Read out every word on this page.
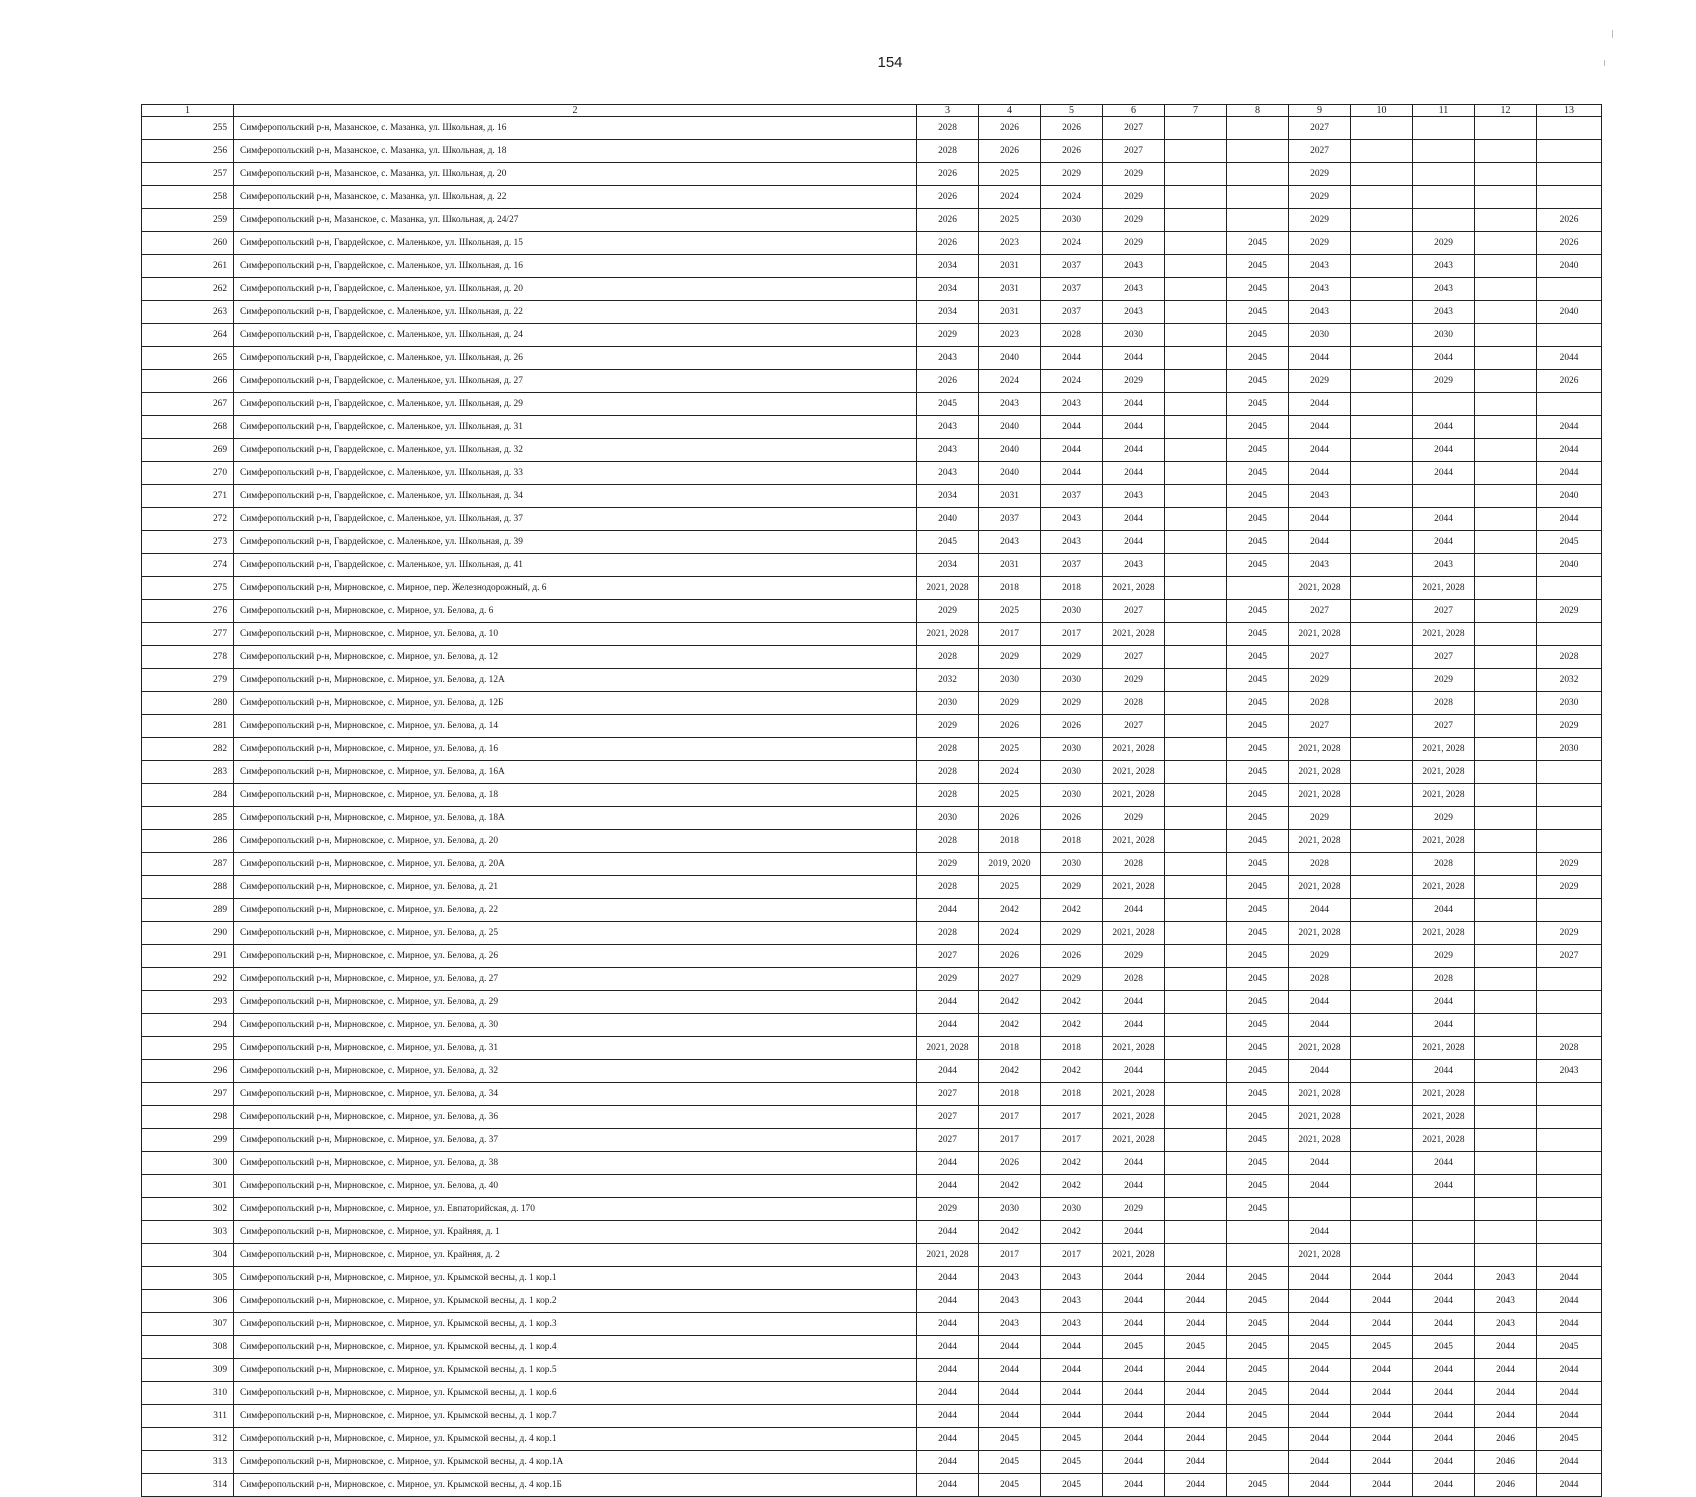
154
1	2	3	4	5	6	7	8	9	10	11	12	13
255	Симферопольский р-н, Мазанское, с. Мазанка, ул. Школьная, д. 16	2028	2026	2026	2027			2027				
256	Симферопольский р-н, Мазанское, с. Мазанка, ул. Школьная, д. 18	2028	2026	2026	2027			2027				
257	Симферопольский р-н, Мазанское, с. Мазанка, ул. Школьная, д. 20	2026	2025	2029	2029			2029				
258	Симферопольский р-н, Мазанское, с. Мазанка, ул. Школьная, д. 22	2026	2024	2024	2029			2029				
259	Симферопольский р-н, Мазанское, с. Мазанка, ул. Школьная, д. 24/27	2026	2025	2030	2029			2029				2026
260	Симферопольский р-н, Гвардейское, с. Маленькое, ул. Школьная, д. 15	2026	2023	2024	2029		2045	2029		2029		2026
261	Симферопольский р-н, Гвардейское, с. Маленькое, ул. Школьная, д. 16	2034	2031	2037	2043		2045	2043		2043		2040
262	Симферопольский р-н, Гвардейское, с. Маленькое, ул. Школьная, д. 20	2034	2031	2037	2043		2045	2043		2043		
263	Симферопольский р-н, Гвардейское, с. Маленькое, ул. Школьная, д. 22	2034	2031	2037	2043		2045	2043		2043		2040
264	Симферопольский р-н, Гвардейское, с. Маленькое, ул. Школьная, д. 24	2029	2023	2028	2030		2045	2030		2030		
265	Симферопольский р-н, Гвардейское, с. Маленькое, ул. Школьная, д. 26	2043	2040	2044	2044		2045	2044		2044		2044
266	Симферопольский р-н, Гвардейское, с. Маленькое, ул. Школьная, д. 27	2026	2024	2024	2029		2045	2029		2029		2026
267	Симферопольский р-н, Гвардейское, с. Маленькое, ул. Школьная, д. 29	2045	2043	2043	2044		2045	2044				
268	Симферопольский р-н, Гвардейское, с. Маленькое, ул. Школьная, д. 31	2043	2040	2044	2044		2045	2044		2044		2044
269	Симферопольский р-н, Гвардейское, с. Маленькое, ул. Школьная, д. 32	2043	2040	2044	2044		2045	2044		2044		2044
270	Симферопольский р-н, Гвардейское, с. Маленькое, ул. Школьная, д. 33	2043	2040	2044	2044		2045	2044		2044		2044
271	Симферопольский р-н, Гвардейское, с. Маленькое, ул. Школьная, д. 34	2034	2031	2037	2043		2045	2043				2040
272	Симферопольский р-н, Гвардейское, с. Маленькое, ул. Школьная, д. 37	2040	2037	2043	2044		2045	2044		2044		2044
273	Симферопольский р-н, Гвардейское, с. Маленькое, ул. Школьная, д. 39	2045	2043	2043	2044		2045	2044		2044		2045
274	Симферопольский р-н, Гвардейское, с. Маленькое, ул. Школьная, д. 41	2034	2031	2037	2043		2045	2043		2043		2040
275	Симферопольский р-н, Мирновское, с. Мирное, пер. Железнодорожный, д. 6	2021, 2028	2018	2018	2021, 2028			2021, 2028		2021, 2028		
276	Симферопольский р-н, Мирновское, с. Мирное, ул. Белова, д. 6	2029	2025	2030	2027		2045	2027		2027		2029
277	Симферопольский р-н, Мирновское, с. Мирное, ул. Белова, д. 10	2021, 2028	2017	2017	2021, 2028		2045	2021, 2028		2021, 2028		
278	Симферопольский р-н, Мирновское, с. Мирное, ул. Белова, д. 12	2028	2029	2029	2027		2045	2027		2027		2028
279	Симферопольский р-н, Мирновское, с. Мирное, ул. Белова, д. 12А	2032	2030	2030	2029		2045	2029		2029		2032
280	Симферопольский р-н, Мирновское, с. Мирное, ул. Белова, д. 12Б	2030	2029	2029	2028		2045	2028		2028		2030
281	Симферопольский р-н, Мирновское, с. Мирное, ул. Белова, д. 14	2029	2026	2026	2027		2045	2027		2027		2029
282	Симферопольский р-н, Мирновское, с. Мирное, ул. Белова, д. 16	2028	2025	2030	2021, 2028		2045	2021, 2028		2021, 2028		2030
283	Симферопольский р-н, Мирновское, с. Мирное, ул. Белова, д. 16А	2028	2024	2030	2021, 2028		2045	2021, 2028		2021, 2028		
284	Симферопольский р-н, Мирновское, с. Мирное, ул. Белова, д. 18	2028	2025	2030	2021, 2028		2045	2021, 2028		2021, 2028		
285	Симферопольский р-н, Мирновское, с. Мирное, ул. Белова, д. 18А	2030	2026	2026	2029		2045	2029		2029		
286	Симферопольский р-н, Мирновское, с. Мирное, ул. Белова, д. 20	2028	2018	2018	2021, 2028		2045	2021, 2028		2021, 2028		
287	Симферопольский р-н, Мирновское, с. Мирное, ул. Белова, д. 20А	2029	2019, 2020	2030	2028		2045	2028		2028		2029
288	Симферопольский р-н, Мирновское, с. Мирное, ул. Белова, д. 21	2028	2025	2029	2021, 2028		2045	2021, 2028		2021, 2028		2029
289	Симферопольский р-н, Мирновское, с. Мирное, ул. Белова, д. 22	2044	2042	2042	2044		2045	2044		2044		
290	Симферопольский р-н, Мирновское, с. Мирное, ул. Белова, д. 25	2028	2024	2029	2021, 2028		2045	2021, 2028		2021, 2028		2029
291	Симферопольский р-н, Мирновское, с. Мирное, ул. Белова, д. 26	2027	2026	2026	2029		2045	2029		2029		2027
292	Симферопольский р-н, Мирновское, с. Мирное, ул. Белова, д. 27	2029	2027	2029	2028		2045	2028		2028		
293	Симферопольский р-н, Мирновское, с. Мирное, ул. Белова, д. 29	2044	2042	2042	2044		2045	2044		2044		
294	Симферопольский р-н, Мирновское, с. Мирное, ул. Белова, д. 30	2044	2042	2042	2044		2045	2044		2044		
295	Симферопольский р-н, Мирновское, с. Мирное, ул. Белова, д. 31	2021, 2028	2018	2018	2021, 2028		2045	2021, 2028		2021, 2028		2028
296	Симферопольский р-н, Мирновское, с. Мирное, ул. Белова, д. 32	2044	2042	2042	2044		2045	2044		2044		2043
297	Симферопольский р-н, Мирновское, с. Мирное, ул. Белова, д. 34	2027	2018	2018	2021, 2028		2045	2021, 2028		2021, 2028		
298	Симферопольский р-н, Мирновское, с. Мирное, ул. Белова, д. 36	2027	2017	2017	2021, 2028		2045	2021, 2028		2021, 2028		
299	Симферопольский р-н, Мирновское, с. Мирное, ул. Белова, д. 37	2027	2017	2017	2021, 2028		2045	2021, 2028		2021, 2028		
300	Симферопольский р-н, Мирновское, с. Мирное, ул. Белова, д. 38	2044	2026	2042	2044		2045	2044		2044		
301	Симферопольский р-н, Мирновское, с. Мирное, ул. Белова, д. 40	2044	2042	2042	2044		2045	2044		2044		
302	Симферопольский р-н, Мирновское, с. Мирное, ул. Евпаторийская, д. 170	2029	2030	2030	2029		2045					
303	Симферопольский р-н, Мирновское, с. Мирное, ул. Крайняя, д. 1	2044	2042	2042	2044			2044				
304	Симферопольский р-н, Мирновское, с. Мирное, ул. Крайняя, д. 2	2021, 2028	2017	2017	2021, 2028			2021, 2028				
305	Симферопольский р-н, Мирновское, с. Мирное, ул. Крымской весны, д. 1 кор.1	2044	2043	2043	2044	2044	2045	2044	2044	2044	2043	2044
306	Симферопольский р-н, Мирновское, с. Мирное, ул. Крымской весны, д. 1 кор.2	2044	2043	2043	2044	2044	2045	2044	2044	2044	2043	2044
307	Симферопольский р-н, Мирновское, с. Мирное, ул. Крымской весны, д. 1 кор.3	2044	2043	2043	2044	2044	2045	2044	2044	2044	2043	2044
308	Симферопольский р-н, Мирновское, с. Мирное, ул. Крымской весны, д. 1 кор.4	2044	2044	2044	2045	2045	2045	2045	2045	2045	2044	2045
309	Симферопольский р-н, Мирновское, с. Мирное, ул. Крымской весны, д. 1 кор.5	2044	2044	2044	2044	2044	2045	2044	2044	2044	2044	2044
310	Симферопольский р-н, Мирновское, с. Мирное, ул. Крымской весны, д. 1 кор.6	2044	2044	2044	2044	2044	2045	2044	2044	2044	2044	2044
311	Симферопольский р-н, Мирновское, с. Мирное, ул. Крымской весны, д. 1 кор.7	2044	2044	2044	2044	2044	2045	2044	2044	2044	2044	2044
312	Симферопольский р-н, Мирновское, с. Мирное, ул. Крымской весны, д. 4 кор.1	2044	2045	2045	2044	2044	2045	2044	2044	2044	2046	2045
313	Симферопольский р-н, Мирновское, с. Мирное, ул. Крымской весны, д. 4 кор.1А	2044	2045	2045	2044	2044		2044	2044	2044	2046	2044
314	Симферопольский р-н, Мирновское, с. Мирное, ул. Крымской весны, д. 4 кор.1Б	2044	2045	2045	2044	2044	2045	2044	2044	2044	2046	2044
